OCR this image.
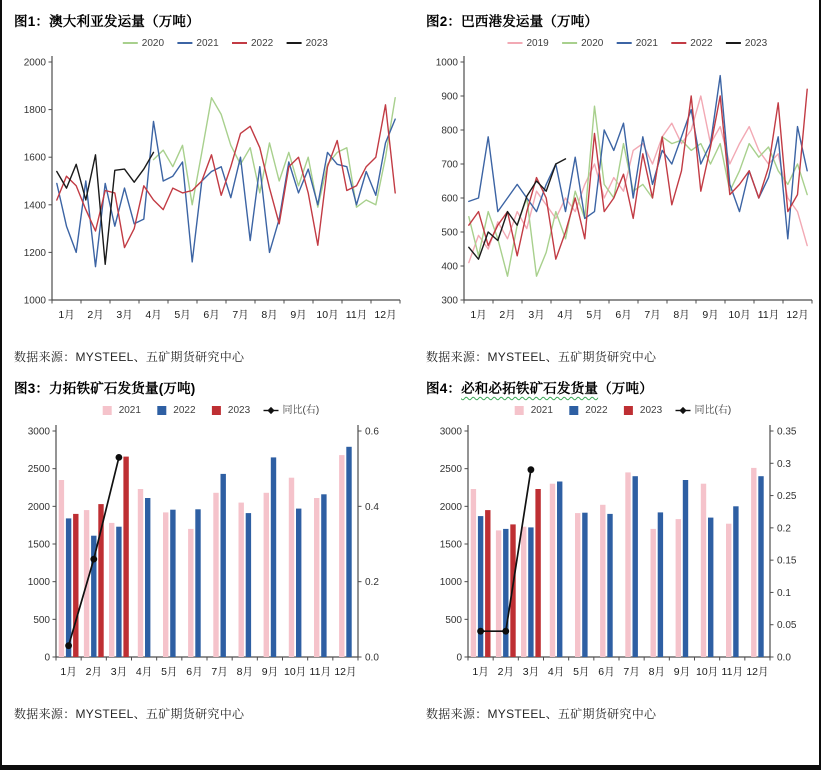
图1：澳大利亚发运量（万吨）
2020	2021	2022	2023
1月 2月 3月 4月 5月 6月 7月 8月 9月 10月 11月 12月
1000
1200
1400
1600
1800
2000
数据来源：MYSTEEL、五矿期货研究中心
图2：巴西港发运量（万吨）
2019	2020	2021	2022	2023
1月 2月 3月 4月 5月 6月 7月 8月 9月 10月 11月 12月
300
400
500
600
700
800
900
1000
数据来源：MYSTEEL、五矿期货研究中心
图3：力拓铁矿石发货量(万吨)
2021	2022	2023	同比(右)
1月 2月 3月 4月 5月 6月 7月 8月 9月 10月 11月 12月
0
500
1000
1500
2000
2500
3000
0.0
0.2
0.4
0.6
数据来源：MYSTEEL、五矿期货研究中心
图4：必和必拓铁矿石发货量（万吨）
2021	2022	2023	同比(右)
1月 2月 3月 4月 5月 6月 7月 8月 9月 10月 11月 12月
0
500
1000
1500
2000
2500
3000
0.0
0.05
0.1
0.15
0.2
0.25
0.3
0.35
数据来源：MYSTEEL、五矿期货研究中心
